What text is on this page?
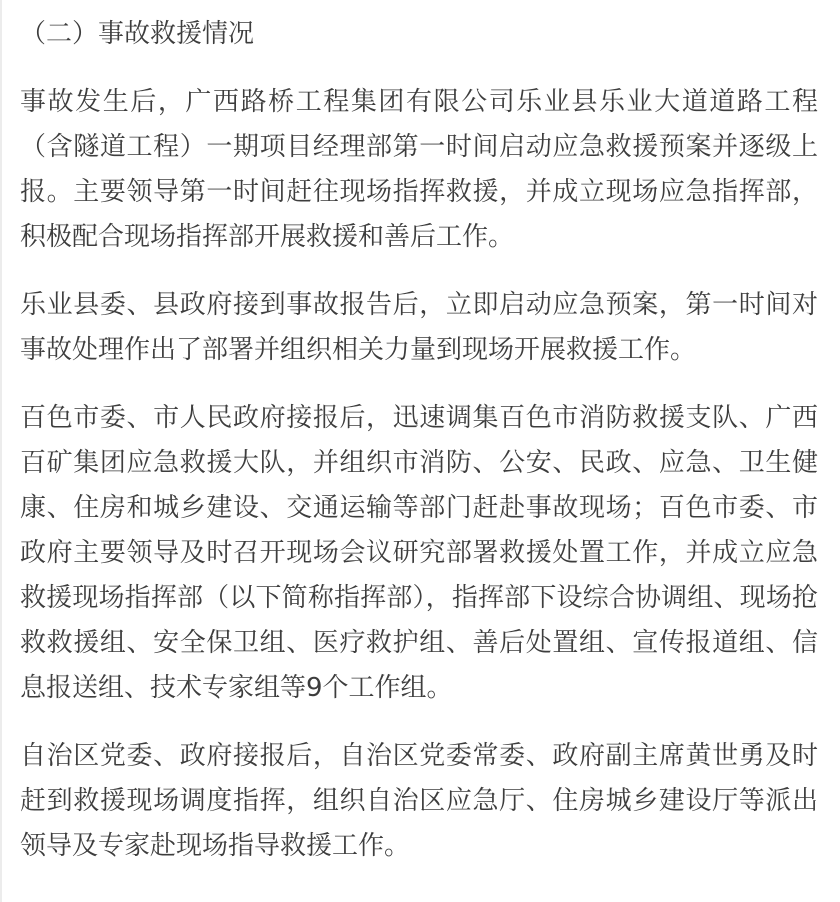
（二）事故救援情况

事故发生后，广西路桥工程集团有限公司乐业县乐业大道道路工程（含隧道工程）一期项目经理部第一时间启动应急救援预案并逐级上报。主要领导第一时间赶往现场指挥救援，并成立现场应急指挥部，积极配合现场指挥部开展救援和善后工作。

乐业县委、县政府接到事故报告后，立即启动应急预案，第一时间对事故处理作出了部署并组织相关力量到现场开展救援工作。

百色市委、市人民政府接报后，迅速调集百色市消防救援支队、广西百矿集团应急救援大队，并组织市消防、公安、民政、应急、卫生健康、住房和城乡建设、交通运输等部门赶赴事故现场；百色市委、市政府主要领导及时召开现场会议研究部署救援处置工作，并成立应急救援现场指挥部（以下简称指挥部），指挥部下设综合协调组、现场抢救救援组、安全保卫组、医疗救护组、善后处置组、宣传报道组、信息报送组、技术专家组等9个工作组。

自治区党委、政府接报后，自治区党委常委、政府副主席黄世勇及时赶到救援现场调度指挥，组织自治区应急厅、住房城乡建设厅等派出领导及专家赴现场指导救援工作。
